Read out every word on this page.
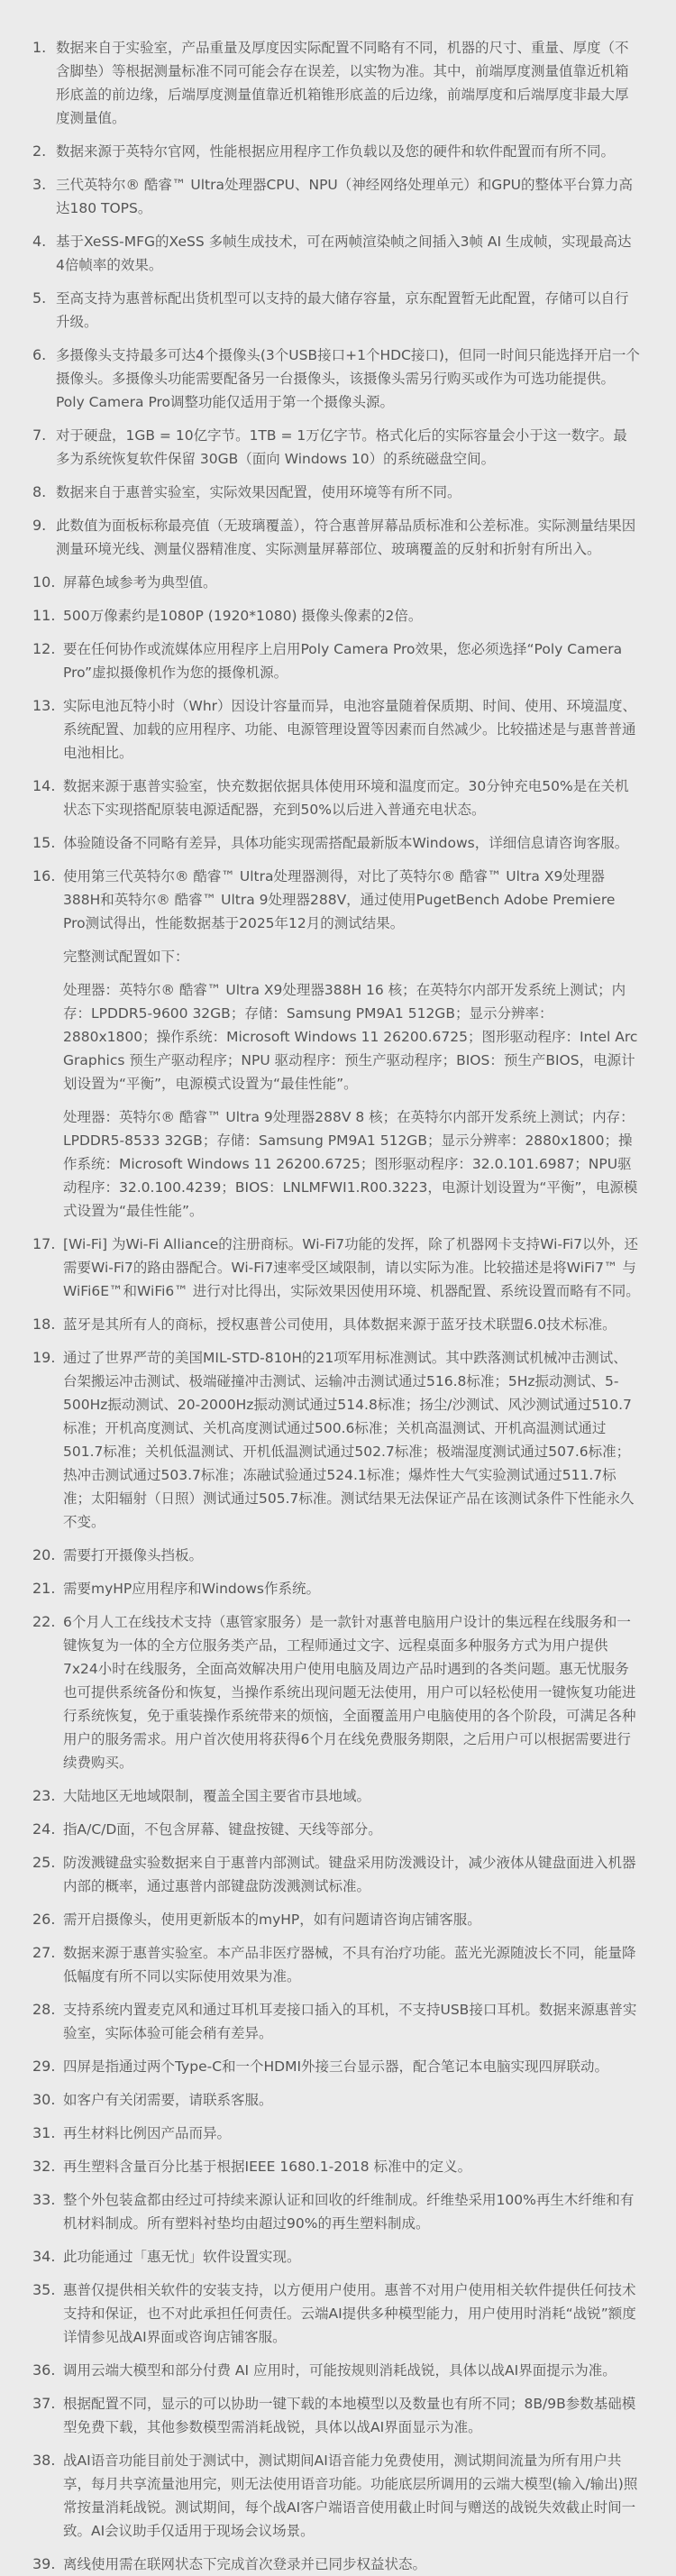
1. 数据来自于实验室，产品重量及厚度因实际配置不同略有不同，机器的尺寸、重量、厚度（不含脚垫）等根据测量标准不同可能会存在误差，以实物为准。其中，前端厚度测量值靠近机箱形底盖的前边缘，后端厚度测量值靠近机箱锥形底盖的后边缘，前端厚度和后端厚度非最大厚度测量值。

2. 数据来源于英特尔官网，性能根据应用程序工作负载以及您的硬件和软件配置而有所不同。

3. 三代英特尔® 酷睿™ Ultra处理器CPU、NPU（神经网络处理单元）和GPU的整体平台算力高达180 TOPS。

4. 基于XeSS-MFG的XeSS 多帧生成技术，可在两帧渲染帧之间插入3帧 AI 生成帧，实现最高达4倍帧率的效果。

5. 至高支持为惠普标配出货机型可以支持的最大储存容量，京东配置暂无此配置，存储可以自行升级。

6. 多摄像头支持最多可达4个摄像头(3个USB接口+1个HDC接口)，但同一时间只能选择开启一个摄像头。多摄像头功能需要配备另一台摄像头，该摄像头需另行购买或作为可选功能提供。Poly Camera Pro调整功能仅适用于第一个摄像头源。

7. 对于硬盘，1GB = 10亿字节。1TB = 1万亿字节。格式化后的实际容量会小于这一数字。最多为系统恢复软件保留 30GB（面向 Windows 10）的系统磁盘空间。

8. 数据来自于惠普实验室，实际效果因配置，使用环境等有所不同。

9. 此数值为面板标称最亮值（无玻璃覆盖），符合惠普屏幕品质标准和公差标准。实际测量结果因测量环境光线、测量仪器精准度、实际测量屏幕部位、玻璃覆盖的反射和折射有所出入。

10. 屏幕色域参考为典型值。

11. 500万像素约是1080P (1920*1080) 摄像头像素的2倍。

12. 要在任何协作或流媒体应用程序上启用Poly Camera Pro效果，您必须选择“Poly Camera Pro”虚拟摄像机作为您的摄像机源。

13. 实际电池瓦特小时（Whr）因设计容量而异，电池容量随着保质期、时间、使用、环境温度、系统配置、加载的应用程序、功能、电源管理设置等因素而自然减少。比较描述是与惠普普通电池相比。

14. 数据来源于惠普实验室，快充数据依据具体使用环境和温度而定。30分钟充电50%是在关机状态下实现搭配原装电源适配器，充到50%以后进入普通充电状态。

15. 体验随设备不同略有差异，具体功能实现需搭配最新版本Windows，详细信息请咨询客服。

16. 使用第三代英特尔® 酷睿™ Ultra处理器测得，对比了英特尔® 酷睿™ Ultra X9处理器388H和英特尔® 酷睿™ Ultra 9处理器288V，通过使用PugetBench Adobe Premiere Pro测试得出，性能数据基于2025年12月的测试结果。

完整测试配置如下：

处理器：英特尔® 酷睿™ Ultra X9处理器388H 16 核；在英特尔内部开发系统上测试；内存：LPDDR5-9600 32GB；存储：Samsung PM9A1 512GB；显示分辨率：2880x1800；操作系统：Microsoft Windows 11 26200.6725；图形驱动程序：Intel Arc Graphics 预生产驱动程序；NPU 驱动程序：预生产驱动程序；BIOS：预生产BIOS，电源计划设置为“平衡”，电源模式设置为“最佳性能”。

处理器：英特尔® 酷睿™ Ultra 9处理器288V 8 核；在英特尔内部开发系统上测试；内存：LPDDR5-8533 32GB；存储：Samsung PM9A1 512GB；显示分辨率：2880x1800；操作系统：Microsoft Windows 11 26200.6725；图形驱动程序：32.0.101.6987；NPU驱动程序：32.0.100.4239；BIOS：LNLMFWI1.R00.3223，电源计划设置为“平衡”，电源模式设置为“最佳性能”。

17. [Wi-Fi] 为Wi-Fi Alliance的注册商标。Wi-Fi7功能的发挥，除了机器网卡支持Wi-Fi7以外，还需要Wi-Fi7的路由器配合。Wi-Fi7速率受区域限制，请以实际为准。比较描述是将WiFi7™ 与WiFi6E™和WiFi6™ 进行对比得出，实际效果因使用环境、机器配置、系统设置而略有不同。

18. 蓝牙是其所有人的商标，授权惠普公司使用，具体数据来源于蓝牙技术联盟6.0技术标准。

19. 通过了世界严苛的美国MIL-STD-810H的21项军用标准测试。其中跌落测试机械冲击测试、台架搬运冲击测试、极端碰撞冲击测试、运输冲击测试通过516.8标准；5Hz振动测试、5-500Hz振动测试、20-2000Hz振动测试通过514.8标准；扬尘/沙测试、风沙测试通过510.7标准；开机高度测试、关机高度测试通过500.6标准；关机高温测试、开机高温测试通过501.7标准；关机低温测试、开机低温测试通过502.7标准；极端湿度测试通过507.6标准；热冲击测试通过503.7标准；冻融试验通过524.1标准；爆炸性大气实验测试通过511.7标准；太阳辐射（日照）测试通过505.7标准。测试结果无法保证产品在该测试条件下性能永久不变。

20. 需要打开摄像头挡板。

21. 需要myHP应用程序和Windows作系统。

22. 6个月人工在线技术支持（惠管家服务）是一款针对惠普电脑用户设计的集远程在线服务和一键恢复为一体的全方位服务类产品，工程师通过文字、远程桌面多种服务方式为用户提供7x24小时在线服务，全面高效解决用户使用电脑及周边产品时遇到的各类问题。惠无忧服务也可提供系统备份和恢复，当操作系统出现问题无法使用，用户可以轻松使用一键恢复功能进行系统恢复，免于重装操作系统带来的烦恼，全面覆盖用户电脑使用的各个阶段，可满足各种用户的服务需求。用户首次使用将获得6个月在线免费服务期限，之后用户可以根据需要进行续费购买。

23. 大陆地区无地域限制，覆盖全国主要省市县地域。

24. 指A/C/D面，不包含屏幕、键盘按键、天线等部分。

25. 防泼溅键盘实验数据来自于惠普内部测试。键盘采用防泼溅设计，减少液体从键盘面进入机器内部的概率，通过惠普内部键盘防泼溅测试标准。

26. 需开启摄像头，使用更新版本的myHP，如有问题请咨询店铺客服。

27. 数据来源于惠普实验室。本产品非医疗器械，不具有治疗功能。蓝光光源随波长不同，能量降低幅度有所不同以实际使用效果为准。

28. 支持系统内置麦克风和通过耳机耳麦接口插入的耳机，不支持USB接口耳机。数据来源惠普实验室，实际体验可能会稍有差异。

29. 四屏是指通过两个Type-C和一个HDMI外接三台显示器，配合笔记本电脑实现四屏联动。

30. 如客户有关闭需要，请联系客服。

31. 再生材料比例因产品而异。

32. 再生塑料含量百分比基于根据IEEE 1680.1-2018 标准中的定义。

33. 整个外包装盒都由经过可持续来源认证和回收的纤维制成。纤维垫采用100%再生木纤维和有机材料制成。所有塑料衬垫均由超过90%的再生塑料制成。

34. 此功能通过「惠无忧」软件设置实现。

35. 惠普仅提供相关软件的安装支持，以方便用户使用。惠普不对用户使用相关软件提供任何技术支持和保证，也不对此承担任何责任。云端AI提供多种模型能力，用户使用时消耗“战锐”额度详情参见战AI界面或咨询店铺客服。

36. 调用云端大模型和部分付费 AI 应用时，可能按规则消耗战锐，具体以战AI界面提示为准。

37. 根据配置不同，显示的可以协助一键下载的本地模型以及数量也有所不同；8B/9B参数基础模型免费下载，其他参数模型需消耗战锐，具体以战AI界面显示为准。

38. 战AI语音功能目前处于测试中，测试期间AI语音能力免费使用，测试期间流量为所有用户共享，每月共享流量池用完，则无法使用语音功能。功能底层所调用的云端大模型(输入/输出)照常按量消耗战锐。测试期间，每个战AI客户端语音使用截止时间与赠送的战锐失效截止时间一致。AI会议助手仅适用于现场会议场景。

39. 离线使用需在联网状态下完成首次登录并已同步权益状态。
